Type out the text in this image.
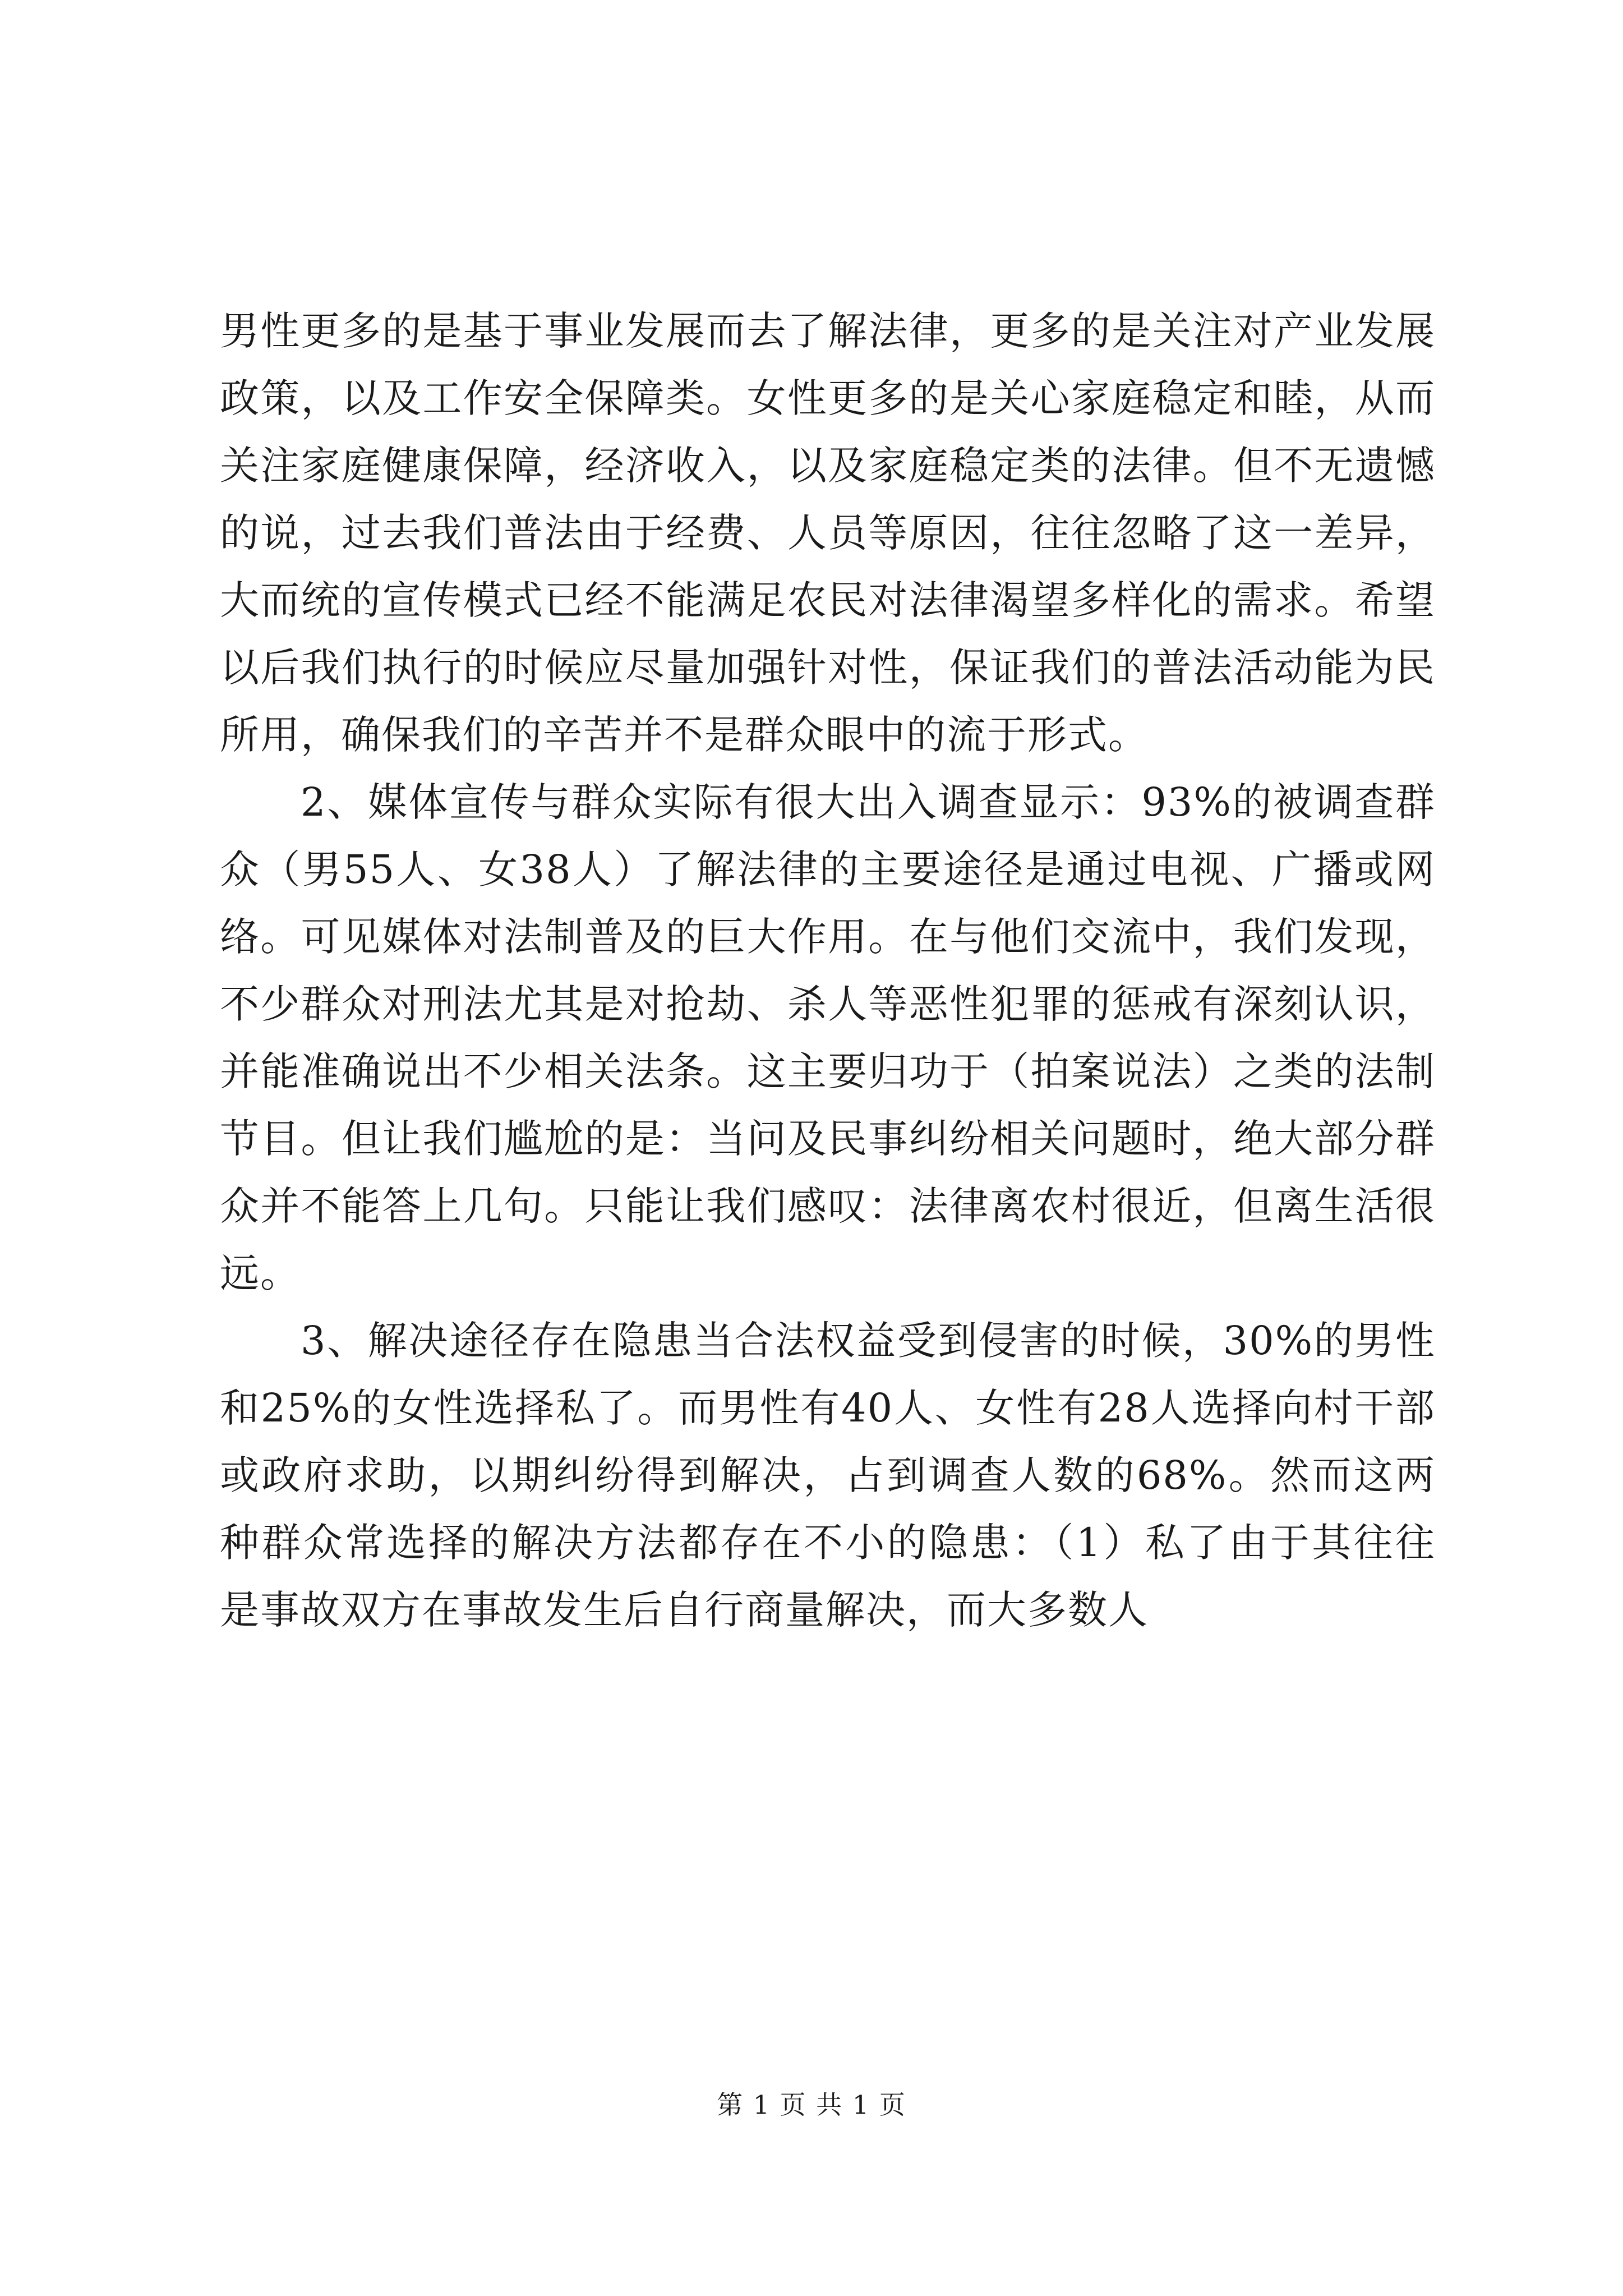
男性更多的是基于事业发展而去了解法律，更多的是关注对产业发展政策，以及工作安全保障类。女性更多的是关心家庭稳定和睦，从而关注家庭健康保障，经济收入，以及家庭稳定类的法律。但不无遗憾的说，过去我们普法由于经费、人员等原因，往往忽略了这一差异，大而统的宣传模式已经不能满足农民对法律渴望多样化的需求。希望以后我们执行的时候应尽量加强针对性，保证我们的普法活动能为民所用，确保我们的辛苦并不是群众眼中的流于形式。

2、媒体宣传与群众实际有很大出入调查显示：93%的被调查群众（男55人、女38人）了解法律的主要途径是通过电视、广播或网络。可见媒体对法制普及的巨大作用。在与他们交流中，我们发现，不少群众对刑法尤其是对抢劫、杀人等恶性犯罪的惩戒有深刻认识，并能准确说出不少相关法条。这主要归功于（拍案说法）之类的法制节目。但让我们尴尬的是：当问及民事纠纷相关问题时，绝大部分群众并不能答上几句。只能让我们感叹：法律离农村很近，但离生活很远。

3、解决途径存在隐患当合法权益受到侵害的时候，30%的男性和25%的女性选择私了。而男性有40人、女性有28人选择向村干部或政府求助，以期纠纷得到解决，占到调查人数的68%。然而这两种群众常选择的解决方法都存在不小的隐患：（1）私了由于其往往是事故双方在事故发生后自行商量解决，而大多数人

第 1 页 共 1 页
